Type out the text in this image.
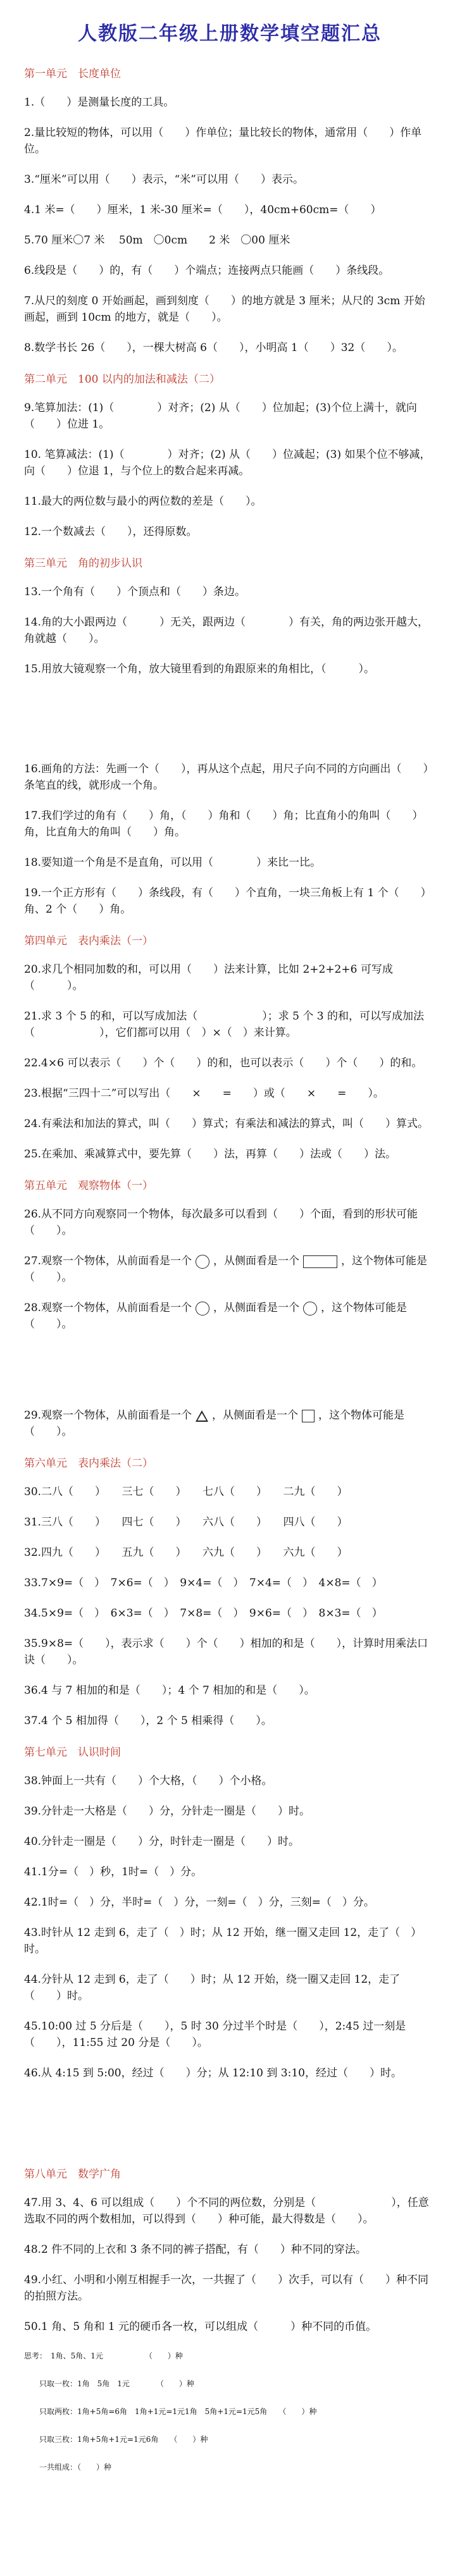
人教版二年级上册数学填空题汇总
第一单元　长度单位
1.（　　）是测量长度的工具。
2.量比较短的物体，可以用（　　）作单位；量比较长的物体，通常用（　　）作单位。
3.“厘米”可以用（　　）表示，“米”可以用（　　）表示。
4.1 米=（　　）厘米，1 米-30 厘米=（　　），40cm+60cm=（　　）
5.70 厘米〇7 米　 50m　〇0cm　　2 米　〇00 厘米
6.线段是（　　）的，有（　　）个端点；连接两点只能画（　　）条线段。
7.从尺的刻度 0 开始画起，画到刻度（　　）的地方就是 3 厘米；从尺的 3cm 开始画起，画到 10cm 的地方，就是（　　）。
8.数学书长 26（　　），一棵大树高 6（　　），小明高 1（　　）32（　　）。
第二单元　100 以内的加法和减法（二）
9.笔算加法：(1)（　　　　）对齐；(2) 从（　　）位加起；(3)个位上满十，就向（　　）位进 1。
10. 笔算减法：(1)（　　　　）对齐；(2) 从（　　）位减起；(3) 如果个位不够减，向（　　）位退 1，与个位上的数合起来再减。
11.最大的两位数与最小的两位数的差是（　　）。
12.一个数减去（　　），还得原数。
第三单元　角的初步认识
13.一个角有（　　）个顶点和（　　）条边。
14.角的大小跟两边（　　　）无关，跟两边（　　　　）有关，角的两边张开越大，角就越（　　）。
15.用放大镜观察一个角，放大镜里看到的角跟原来的角相比，（　　　）。
16.画角的方法：先画一个（　　），再从这个点起，用尺子向不同的方向画出（　　）条笔直的线，就形成一个角。
17.我们学过的角有（　　）角，（　　）角和（　　）角；比直角小的角叫（　　）角，比直角大的角叫（　　）角。
18.要知道一个角是不是直角，可以用（　　　　）来比一比。
19.一个正方形有（　　）条线段，有（　　）个直角，一块三角板上有 1 个（　　）角、2 个（　　）角。
第四单元　表内乘法（一）
20.求几个相同加数的和，可以用（　　）法来计算，比如 2+2+2+6 可写成（　　　）。
21.求 3 个 5 的和，可以写成加法（　　　　　　）；求 5 个 3 的和，可以写成加法（　　　　　　），它们都可以用（　）×（　）来计算。
22.4×6 可以表示（　　）个（　　）的和，也可以表示（　　）个（　　）的和。
23.根据“三四十二”可以写出（　　×　　=　　）或（　　×　　=　　）。
24.有乘法和加法的算式，叫（　　）算式；有乘法和减法的算式，叫（　　）算式。
25.在乘加、乘减算式中，要先算（　　）法，再算（　　）法或（　　）法。
第五单元　观察物体（一）
26.从不同方向观察同一个物体，每次最多可以看到（　　）个面，看到的形状可能（　　）。
27.观察一个物体，从前面看是一个 ，从侧面看是一个	，这个物体可能是（　　）。
28.观察一个物体，从前面看是一个 ，从侧面看是一个 ，这个物体可能是（　　）。
29.观察一个物体，从前面看是一个 ，从侧面看是一个 ，这个物体可能是（　　）。
第六单元　表内乘法（二）
30.二八（　　）　　三七（　　）　　七八（　　）　　二九（　　）
31.三八（　　）　　四七（　　）　　六八（　　）　　四八（　　）
32.四九（　　）　　五九（　　）　　六九（　　）　　六九（　　）
33.7×9=（　）　7×6=（　）　9×4=（　）　7×4=（　）　4×8=（　）
34.5×9=（　）　6×3=（　）　7×8=（　）　9×6=（　）　8×3=（　）
35.9×8=（　　），表示求（　　）个（　　）相加的和是（　　），计算时用乘法口诀（　　）。
36.4 与 7 相加的和是（　　）；4 个 7 相加的和是（　　）。
37.4 个 5 相加得（　　），2 个 5 相乘得（　　）。
第七单元　认识时间
38.钟面上一共有（　　）个大格，（　　）个小格。
39.分针走一大格是（　　）分，分针走一圈是（　　）时。
40.分针走一圈是（　　）分，时针走一圈是（　　）时。
41.1分=（　）秒，1时=（　）分。
42.1时=（　）分，半时=（　）分，一刻=（　）分，三刻=（　）分。
43.时针从 12 走到 6，走了（　）时；从 12 开始，继一圈又走回 12，走了（　）时。
44.分针从 12 走到 6，走了（　　）时；从 12 开始，绕一圈又走回 12，走了（　　）时。
45.10:00 过 5 分后是（　　），5 时 30 分过半个时是（　　），2:45 过一刻是（　　），11:55 过 20 分是（　　）。
46.从 4:15 到 5:00，经过（　　）分；从 12:10 到 3:10，经过（　　）时。
第八单元　数学广角
47.用 3、4、6 可以组成（　　）个不同的两位数，分别是（　　　　　　　），任意选取不同的两个数相加，可以得到（　　）种可能，最大得数是（　　）。
48.2 件不同的上衣和 3 条不同的裤子搭配，有（　　）种不同的穿法。
49.小红、小明和小刚互相握手一次，一共握了（　　）次手，可以有（　　）种不同的拍照方法。
50.1 角、5 角和 1 元的硬币各一枚，可以组成（　　　）种不同的币值。
思考：　1角、5角、1元　　　　　　（　　）种
　　只取一枚：1角　5角　1元　　　　（　　）种
　　只取两枚：1角+5角=6角　1角+1元=1元1角　5角+1元=1元5角　　（　　）种
　　只取三枚：1角+5角+1元=1元6角　　（　　）种
　　一共组成：（　　）种
